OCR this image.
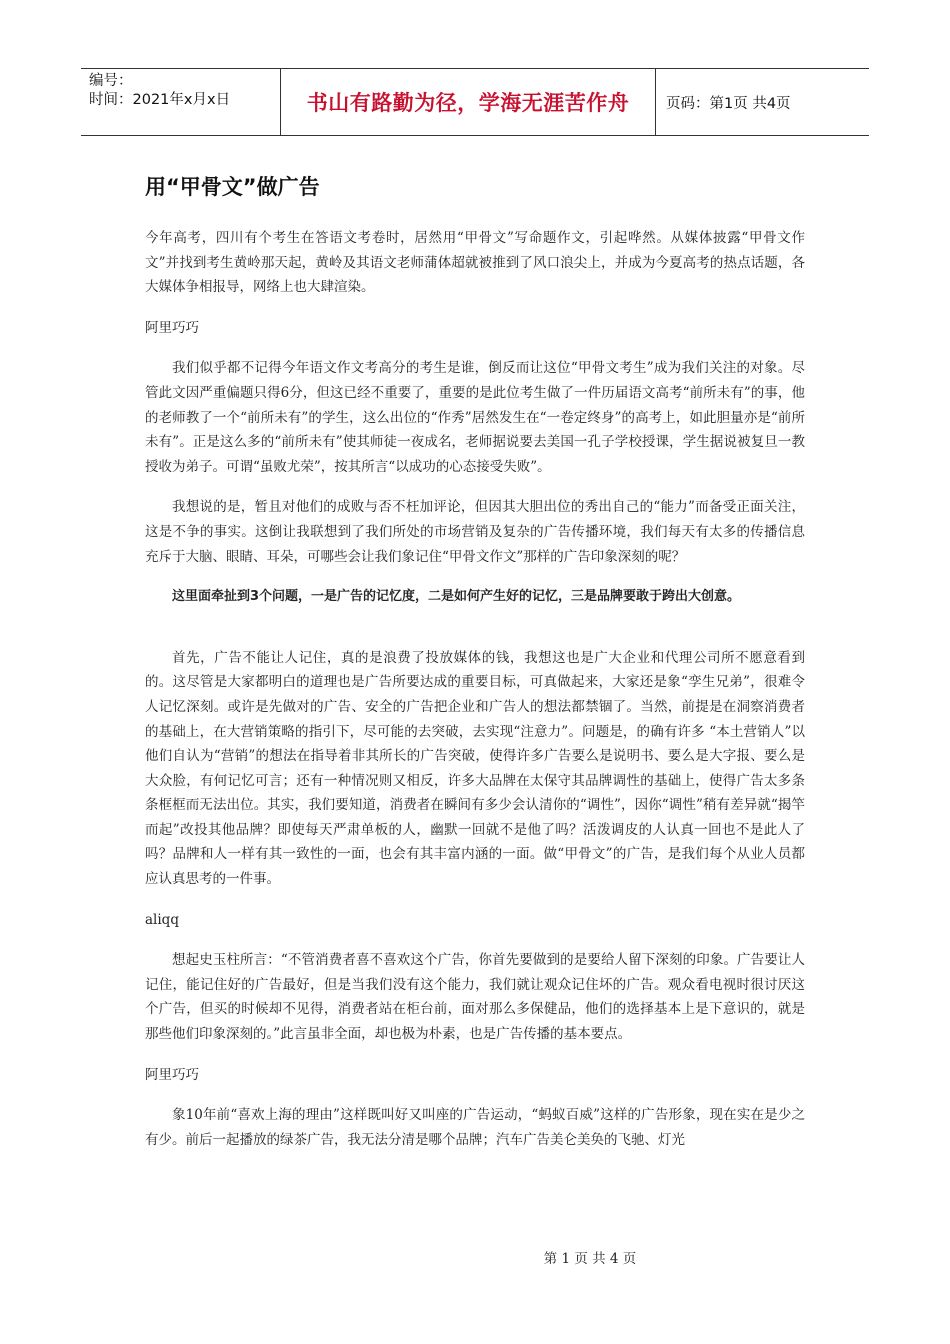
编号：
时间：2021年x月x日	书山有路勤为径，学海无涯苦作舟	页码：第1页 共4页
用“甲骨文”做广告

今年高考，四川有个考生在答语文考卷时，居然用“甲骨文”写命题作文，引起哗然。从媒体披露“甲骨文作文”并找到考生黄岭那天起，黄岭及其语文老师蒲体超就被推到了风口浪尖上，并成为今夏高考的热点话题，各大媒体争相报导，网络上也大肆渲染。

阿里巧巧

我们似乎都不记得今年语文作文考高分的考生是谁，倒反而让这位“甲骨文考生”成为我们关注的对象。尽管此文因严重偏题只得6分，但这已经不重要了，重要的是此位考生做了一件历届语文高考“前所未有”的事，他的老师教了一个“前所未有”的学生，这么出位的“作秀”居然发生在“一卷定终身”的高考上，如此胆量亦是“前所未有”。正是这么多的“前所未有”使其师徒一夜成名，老师据说要去美国一孔子学校授课，学生据说被复旦一教授收为弟子。可谓“虽败尤荣”，按其所言“以成功的心态接受失败”。

我想说的是，暂且对他们的成败与否不枉加评论，但因其大胆出位的秀出自己的“能力”而备受正面关注，这是不争的事实。这倒让我联想到了我们所处的市场营销及复杂的广告传播环境，我们每天有太多的传播信息充斥于大脑、眼睛、耳朵，可哪些会让我们象记住“甲骨文作文”那样的广告印象深刻的呢？

这里面牵扯到3个问题，一是广告的记忆度，二是如何产生好的记忆，三是品牌要敢于跨出大创意。

首先，广告不能让人记住，真的是浪费了投放媒体的钱，我想这也是广大企业和代理公司所不愿意看到的。这尽管是大家都明白的道理也是广告所要达成的重要目标，可真做起来，大家还是象“孪生兄弟”，很难令人记忆深刻。或许是先做对的广告、安全的广告把企业和广告人的想法都禁锢了。当然，前提是在洞察消费者的基础上，在大营销策略的指引下，尽可能的去突破，去实现“注意力”。问题是，的确有许多 “本土营销人”以他们自认为“营销”的想法在指导着非其所长的广告突破，使得许多广告要么是说明书、要么是大字报、要么是大众脸，有何记忆可言；还有一种情况则又相反，许多大品牌在太保守其品牌调性的基础上，使得广告太多条条框框而无法出位。其实，我们要知道，消费者在瞬间有多少会认清你的“调性”，因你“调性”稍有差异就“揭竿而起”改投其他品牌？即使每天严肃单板的人，幽默一回就不是他了吗？活泼调皮的人认真一回也不是此人了吗？品牌和人一样有其一致性的一面，也会有其丰富内涵的一面。做“甲骨文”的广告，是我们每个从业人员都应认真思考的一件事。

aliqq

想起史玉柱所言：“不管消费者喜不喜欢这个广告，你首先要做到的是要给人留下深刻的印象。广告要让人记住，能记住好的广告最好，但是当我们没有这个能力，我们就让观众记住坏的广告。观众看电视时很讨厌这个广告，但买的时候却不见得，消费者站在柜台前，面对那么多保健品，他们的选择基本上是下意识的，就是那些他们印象深刻的。”此言虽非全面，却也极为朴素，也是广告传播的基本要点。

阿里巧巧

象10年前“喜欢上海的理由”这样既叫好又叫座的广告运动，“蚂蚁百威”这样的广告形象，现在实在是少之有少。前后一起播放的绿茶广告，我无法分清是哪个品牌；汽车广告美仑美奂的飞驰、灯光

第 1 页 共 4 页
